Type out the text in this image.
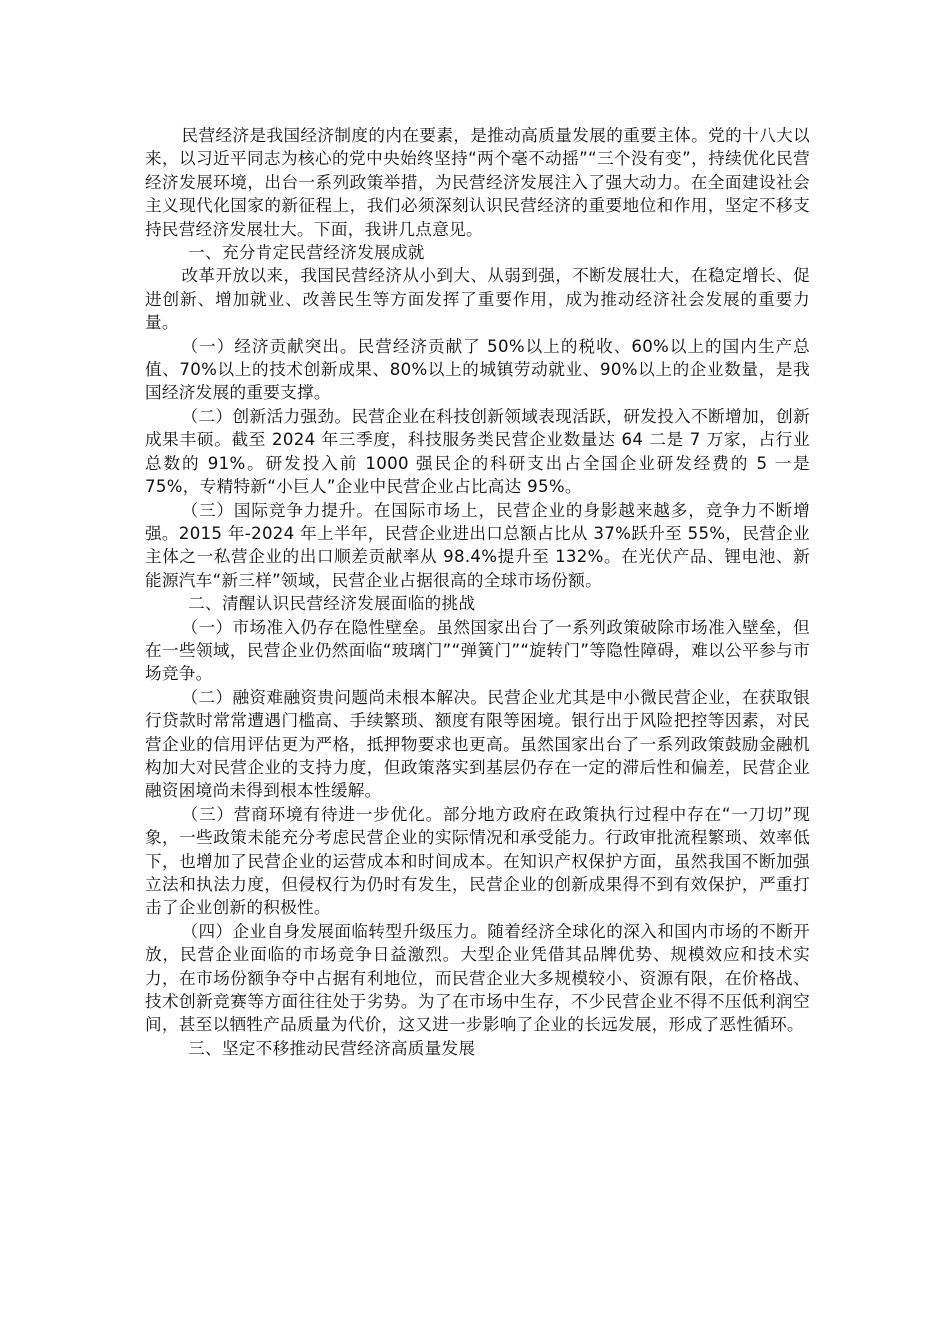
民营经济是我国经济制度的内在要素，是推动高质量发展的重要主体。党的十八大以来，以习近平同志为核心的党中央始终坚持“两个毫不动摇”“三个没有变”，持续优化民营经济发展环境，出台一系列政策举措，为民营经济发展注入了强大动力。在全面建设社会主义现代化国家的新征程上，我们必须深刻认识民营经济的重要地位和作用，坚定不移支持民营经济发展壮大。下面，我讲几点意见。

一、充分肯定民营经济发展成就

改革开放以来，我国民营经济从小到大、从弱到强，不断发展壮大，在稳定增长、促进创新、增加就业、改善民生等方面发挥了重要作用，成为推动经济社会发展的重要力量。

（一）经济贡献突出。民营经济贡献了 50%以上的税收、60%以上的国内生产总值、70%以上的技术创新成果、80%以上的城镇劳动就业、90%以上的企业数量，是我国经济发展的重要支撑。

（二）创新活力强劲。民营企业在科技创新领域表现活跃，研发投入不断增加，创新成果丰硕。截至 2024 年三季度，科技服务类民营企业数量达 64 二是 7 万家，占行业总数的 91%。研发投入前 1000 强民企的科研支出占全国企业研发经费的 5 一是 75%，专精特新“小巨人”企业中民营企业占比高达 95%。

（三）国际竞争力提升。在国际市场上，民营企业的身影越来越多，竞争力不断增强。2015 年-2024 年上半年，民营企业进出口总额占比从 37%跃升至 55%，民营企业主体之一私营企业的出口顺差贡献率从 98.4%提升至 132%。在光伏产品、锂电池、新能源汽车“新三样”领域，民营企业占据很高的全球市场份额。

二、清醒认识民营经济发展面临的挑战

（一）市场准入仍存在隐性壁垒。虽然国家出台了一系列政策破除市场准入壁垒，但在一些领域，民营企业仍然面临“玻璃门”“弹簧门”“旋转门”等隐性障碍，难以公平参与市场竞争。

（二）融资难融资贵问题尚未根本解决。民营企业尤其是中小微民营企业，在获取银行贷款时常常遭遇门槛高、手续繁琐、额度有限等困境。银行出于风险把控等因素，对民营企业的信用评估更为严格，抵押物要求也更高。虽然国家出台了一系列政策鼓励金融机构加大对民营企业的支持力度，但政策落实到基层仍存在一定的滞后性和偏差，民营企业融资困境尚未得到根本性缓解。

（三）营商环境有待进一步优化。部分地方政府在政策执行过程中存在“一刀切”现象，一些政策未能充分考虑民营企业的实际情况和承受能力。行政审批流程繁琐、效率低下，也增加了民营企业的运营成本和时间成本。在知识产权保护方面，虽然我国不断加强立法和执法力度，但侵权行为仍时有发生，民营企业的创新成果得不到有效保护，严重打击了企业创新的积极性。

（四）企业自身发展面临转型升级压力。随着经济全球化的深入和国内市场的不断开放，民营企业面临的市场竞争日益激烈。大型企业凭借其品牌优势、规模效应和技术实力，在市场份额争夺中占据有利地位，而民营企业大多规模较小、资源有限，在价格战、技术创新竞赛等方面往往处于劣势。为了在市场中生存，不少民营企业不得不压低利润空间，甚至以牺牲产品质量为代价，这又进一步影响了企业的长远发展，形成了恶性循环。

三、坚定不移推动民营经济高质量发展
